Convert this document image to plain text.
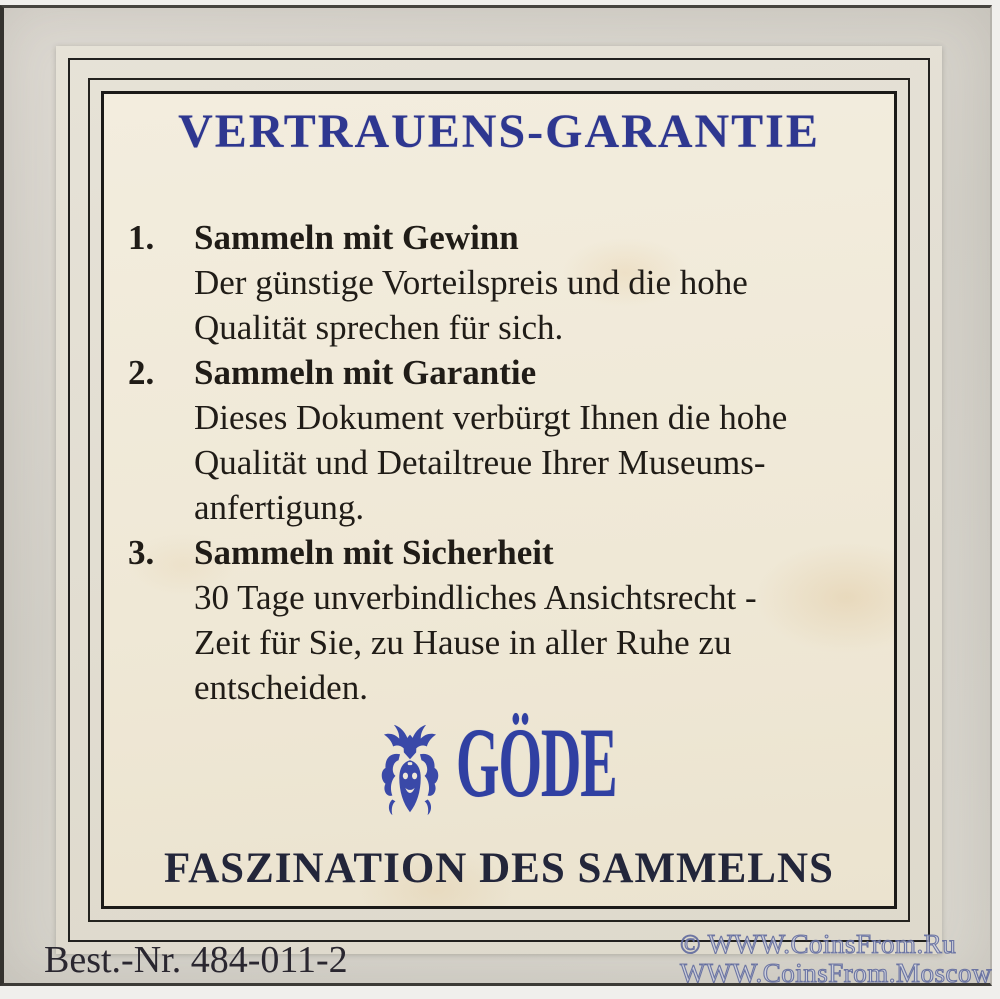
VERTRAUENS-GARANTIE
1.	Sammeln mit Gewinn
Der günstige Vorteilspreis und die hohe
Qualität sprechen für sich.
2.	Sammeln mit Garantie
Dieses Dokument verbürgt Ihnen die hohe
Qualität und Detailtreue Ihrer Museums-
anfertigung.
3.	Sammeln mit Sicherheit
30 Tage unverbindliches Ansichtsrecht -
Zeit für Sie, zu Hause in aller Ruhe zu
entscheiden.
GÖDE
FASZINATION DES SAMMELNS
Best.-Nr. 484-011-2	© WWW.CoinsFrom.Ru
WWW.CoinsFrom.Moscow
